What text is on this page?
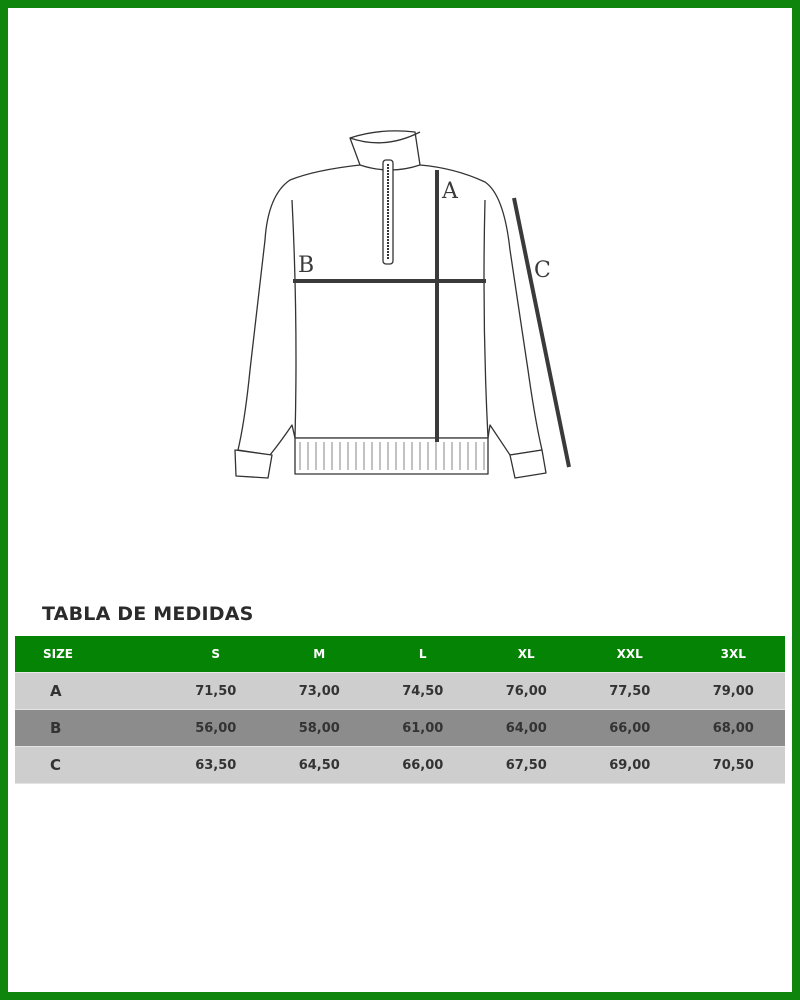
A
B	C
TABLA DE MEDIDAS
SIZE	S	M	L	XL	XXL	3XL
A	71,50	73,00	74,50	76,00	77,50	79,00
B	56,00	58,00	61,00	64,00	66,00	68,00
C	63,50	64,50	66,00	67,50	69,00	70,50
